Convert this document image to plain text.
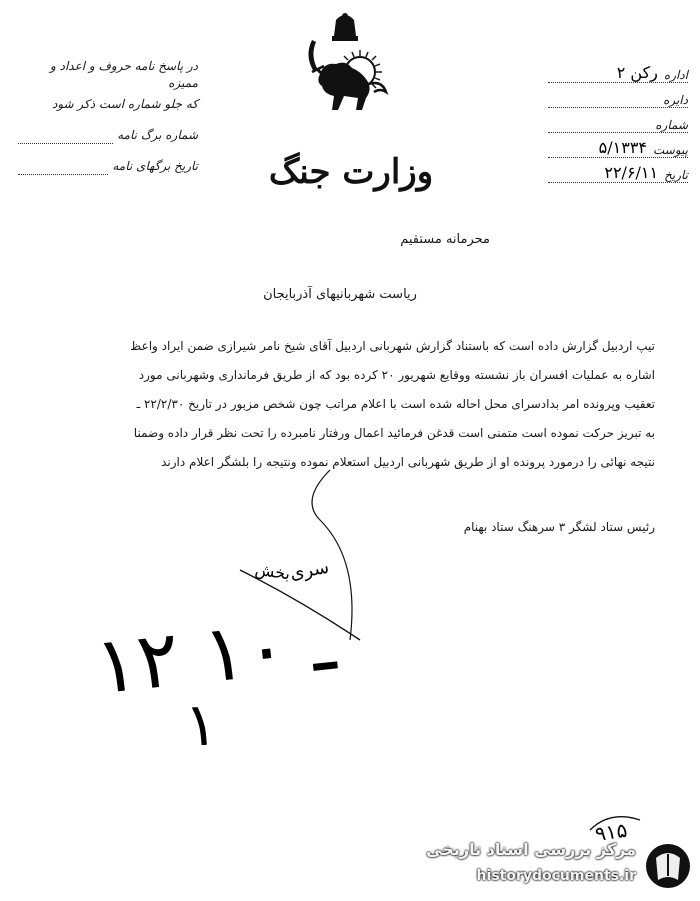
وزارت جنگ
در پاسخ نامه حروف و اعداد و ممیزه
که جلو شماره است ذکر شود
شماره برگ نامه
تاریخ برگهای نامه
اداره
رکن ۲
دایره
شماره
پیوست
۵/۱۳۳۴
تاریخ
۲۲/۶/۱۱
محرمانه مستقیم
ریاست شهربانیهای آذربایجان
تیپ اردبیل گزارش داده است که باستناد گزارش شهربانی اردبیل آقای شیخ نامر شیرازی ضمن ایراد واعظ
اشاره به عملیات افسران باز نشسته ووقایع شهریور ۲۰ کرده بود که از طریق فرمانداری وشهربانی مورد
تعقیب وپرونده امر بدادسرای محل احاله شده است با اعلام مراتب چون شخص مزبور در تاریخ ۲۲/۲/۳۰ ـ
به تبریز حرکت نموده است متمنی است قدغن فرمائید اعمال ورفتار نامبرده را تحت نظر قرار داده وضمنا
نتیجه نهائی را درمورد پرونده او از طریق شهربانی اردبیل استعلام نموده ونتیجه را بلشگر اعلام دارند
رئیس ستاد لشگر ۳ سرهنگ ستاد بهنام
سری
بخش
۱۲ ـ ۱۰
۱
۹۱۵
مرکز بررسی اسناد تاریخی
historydocuments.ir
